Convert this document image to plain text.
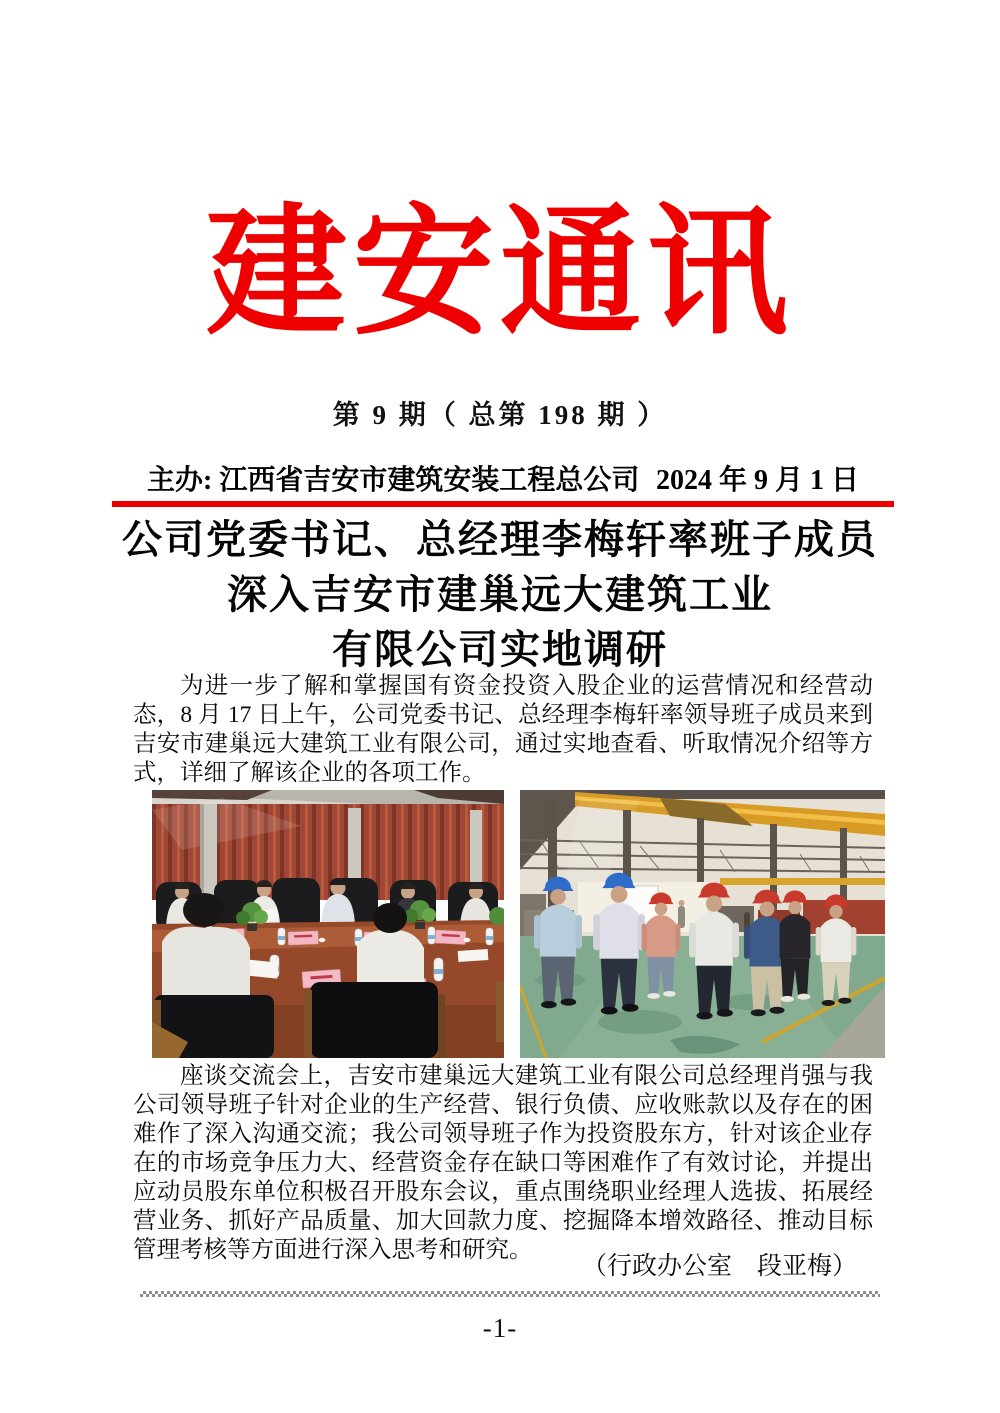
建安通讯
第 9 期（ 总第 198 期 ）
主办: 江西省吉安市建筑安装工程总公司 2024 年 9 月 1 日
公司党委书记、总经理李梅轩率班子成员
深入吉安市建巢远大建筑工业
有限公司实地调研
为进一步了解和掌握国有资金投资入股企业的运营情况和经营动态，8 月 17 日上午，公司党委书记、总经理李梅轩率领导班子成员来到吉安市建巢远大建筑工业有限公司，通过实地查看、听取情况介绍等方式，详细了解该企业的各项工作。
座谈交流会上，吉安市建巢远大建筑工业有限公司总经理肖强与我公司领导班子针对企业的生产经营、银行负债、应收账款以及存在的困难作了深入沟通交流；我公司领导班子作为投资股东方，针对该企业存在的市场竞争压力大、经营资金存在缺口等困难作了有效讨论，并提出应动员股东单位积极召开股东会议，重点围绕职业经理人选拔、拓展经营业务、抓好产品质量、加大回款力度、挖掘降本增效路径、推动目标管理考核等方面进行深入思考和研究。
（行政办公室　段亚梅）
-1-
